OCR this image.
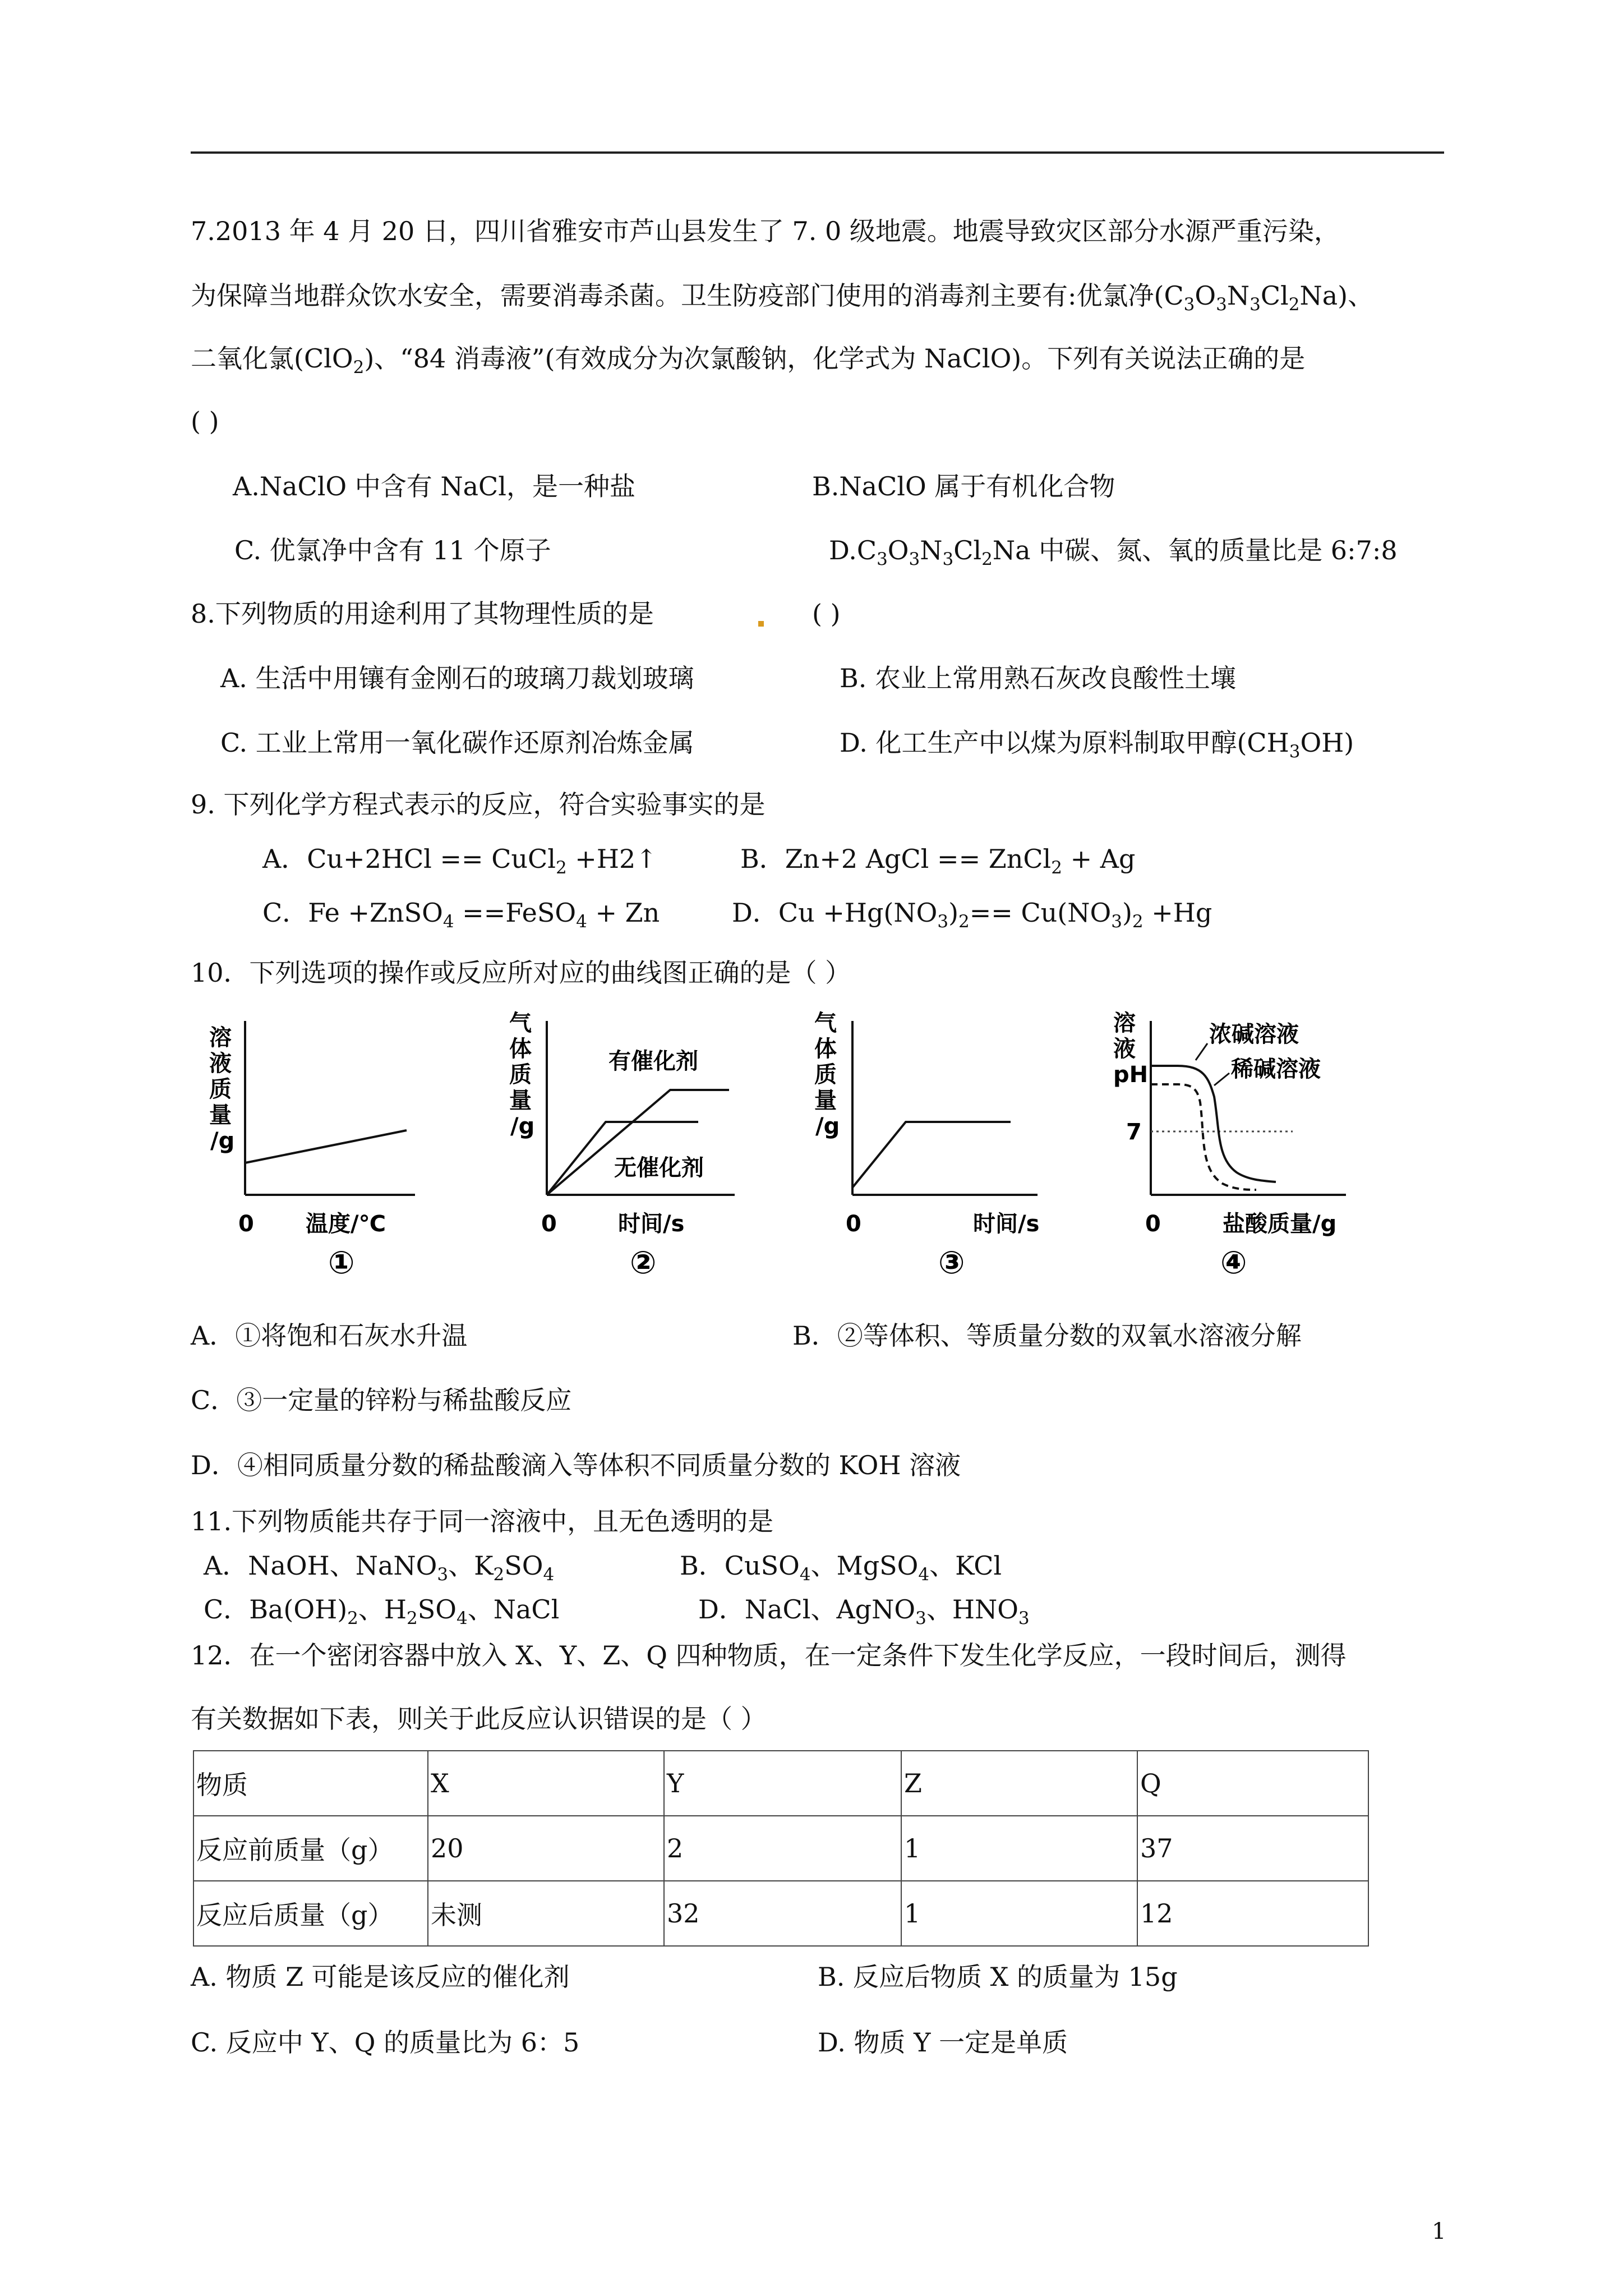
7.2013 年 4 月 20 日，四川省雅安市芦山县发生了 7. 0 级地震。地震导致灾区部分水源严重污染，
为保障当地群众饮水安全，需要消毒杀菌。卫生防疫部门使用的消毒剂主要有:优氯净$(C_3O_3N_3Cl_2Na)$、
二氧化氯(ClO$_2$)、“84 消毒液”(有效成分为次氯酸钠，化学式为 NaClO)。下列有关说法正确的是
( )
A.NaClO 中含有 NaCl，是一种盐	B.NaClO 属于有机化合物
C. 优氯净中含有 11 个原子	$D.C_3O_3N_3Cl_2Na$ 中碳、氮、氧的质量比是 6:7:8
8.下列物质的用途利用了其物理性质的是	( )
A. 生活中用镶有金刚石的玻璃刀裁划玻璃	B. 农业上常用熟石灰改良酸性土壤
C. 工业上常用一氧化碳作还原剂冶炼金属	D. 化工生产中以煤为原料制取甲醇$(CH_3OH)$
9. 下列化学方程式表示的反应，符合实验事实的是
A．Cu+2HCl == CuCl$_2$ +H2↑	B．Zn+2 AgCl == ZnCl$_2$ + Ag
C．Fe +ZnSO$_4$ ==FeSO$_4$ + Zn	D．$Cu +Hg(NO_3)_2== Cu(NO_3)_2 +Hg$
10．下列选项的操作或反应所对应的曲线图正确的是（ ）
溶
液
质
量
/g
0 温度/℃
①
气
体
质
量
/g
有催化剂
无催化剂
0	时间/s
②
气
体
质
量
/g
0	时间/s
③
溶
液
pH
7
浓碱溶液
稀碱溶液
0	盐酸质量/g
④
A．①将饱和石灰水升温	B．②等体积、等质量分数的双氧水溶液分解
C．③一定量的锌粉与稀盐酸反应
D．④相同质量分数的稀盐酸滴入等体积不同质量分数的 KOH 溶液
11.下列物质能共存于同一溶液中，且无色透明的是
A．NaOH、NaNO$_3$、$K_2SO_4$	B．CuSO$_4$、MgSO$_4$、KCl
C．$Ba(OH)_2$、$H_2SO_4$、NaCl	D．NaCl、AgNO$_3$、$HNO_3$
12．在一个密闭容器中放入 X、Y、Z、Q 四种物质，在一定条件下发生化学反应，一段时间后，测得
有关数据如下表，则关于此反应认识错误的是（ ）
物质	X	Y	Z	Q
反应前质量（g）	20	2	1	37
反应后质量（g）	未测	32	1	12
A. 物质 Z 可能是该反应的催化剂	B. 反应后物质 X 的质量为 15g
C. 反应中 Y、Q 的质量比为 6：5	D. 物质 Y 一定是单质
1
